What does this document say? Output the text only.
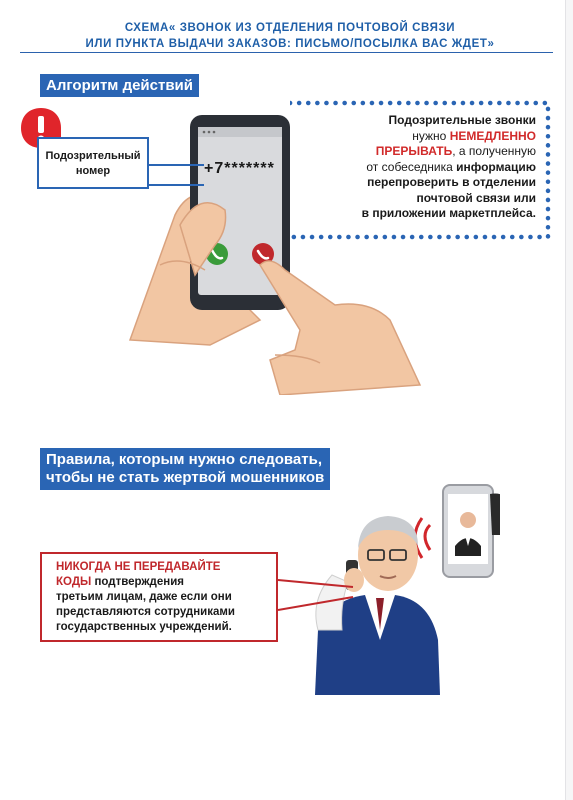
СХЕМА« ЗВОНОК ИЗ ОТДЕЛЕНИЯ ПОЧТОВОЙ СВЯЗИ
ИЛИ ПУНКТА ВЫДАЧИ ЗАКАЗОВ: ПИСЬМО/ПОСЫЛКА ВАС ЖДЕТ»
Алгоритм действий
Подозрительный
номер	+7*******
Подозрительные звонки
нужно НЕМЕДЛЕННО
ПРЕРЫВАТЬ, а полученную
от собеседника информацию
перепроверить в отделении
почтовой связи или
в приложении маркетплейса.
Правила, которым нужно следовать,
чтобы не стать жертвой мошенников
НИКОГДА НЕ ПЕРЕДАВАЙТЕ
КОДЫ подтверждения
третьим лицам, даже если они
представляются сотрудниками
государственных учреждений.
